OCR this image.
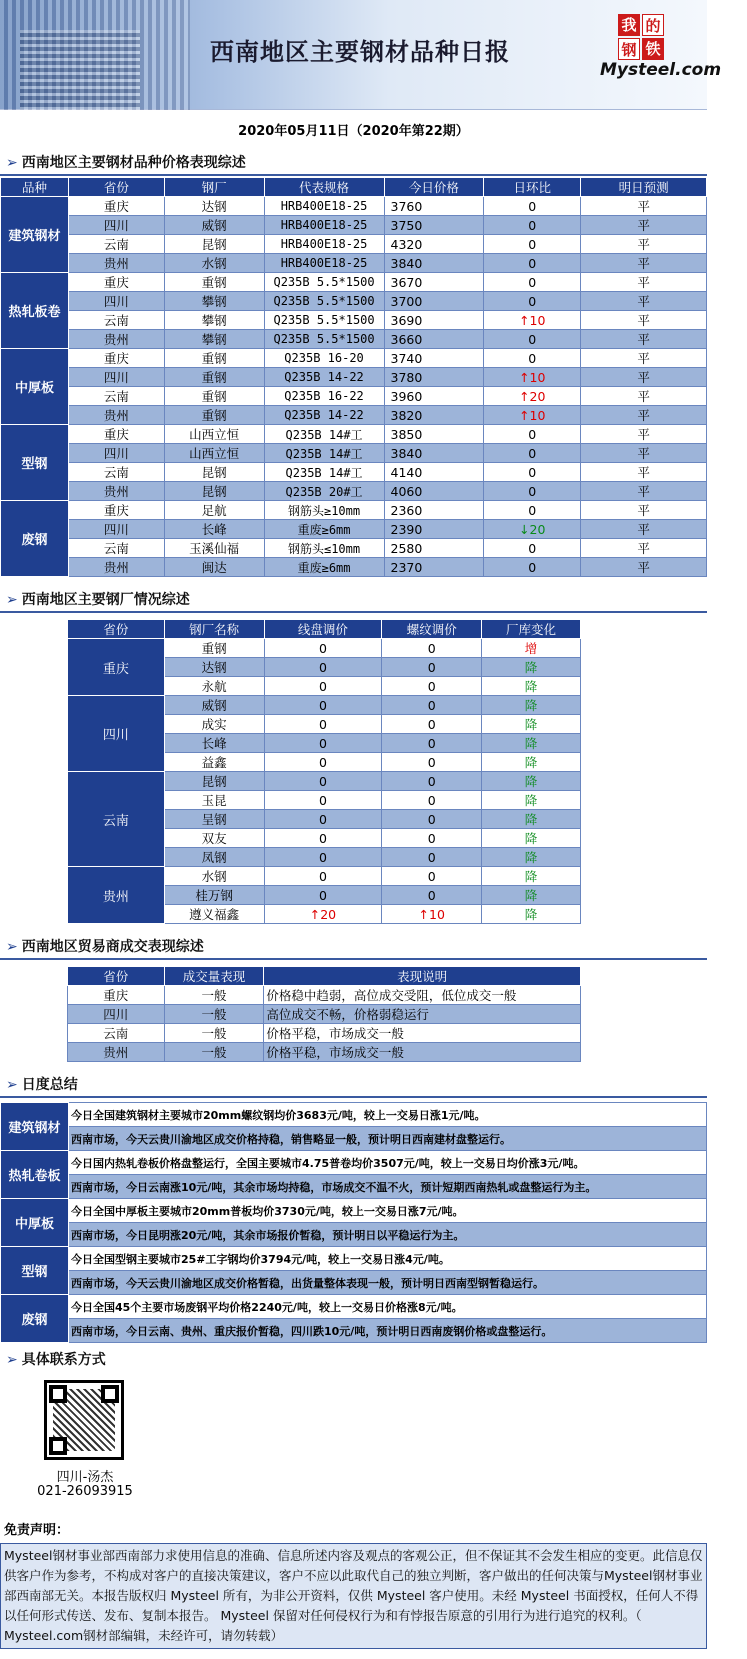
西南地区主要钢材品种日报
我 的
钢 铁
Mysteel.com
2020年05月11日（2020年第22期）
➢ 西南地区主要钢材品种价格表现综述
品种	省份	钢厂	代表规格	今日价格	日环比	明日预测
建筑钢材	重庆	达钢	HRB400E18-25	3760	0	平
	四川	威钢	HRB400E18-25	3750	0	平
	云南	昆钢	HRB400E18-25	4320	0	平
	贵州	水钢	HRB400E18-25	3840	0	平
热轧板卷	重庆	重钢	Q235B 5.5*1500	3670	0	平
	四川	攀钢	Q235B 5.5*1500	3700	0	平
	云南	攀钢	Q235B 5.5*1500	3690	↑10	平
	贵州	攀钢	Q235B 5.5*1500	3660	0	平
中厚板	重庆	重钢	Q235B 16-20	3740	0	平
	四川	重钢	Q235B 14-22	3780	↑10	平
	云南	重钢	Q235B 16-22	3960	↑20	平
	贵州	重钢	Q235B 14-22	3820	↑10	平
型钢	重庆	山西立恒	Q235B 14#工	3850	0	平
	四川	山西立恒	Q235B 14#工	3840	0	平
	云南	昆钢	Q235B 14#工	4140	0	平
	贵州	昆钢	Q235B 20#工	4060	0	平
废钢	重庆	足航	钢筋头≥10mm	2360	0	平
	四川	长峰	重废≥6mm	2390	↓20	平
	云南	玉溪仙福	钢筋头≤10mm	2580	0	平
	贵州	闽达	重废≥6mm	2370	0	平
➢ 西南地区主要钢厂情况综述
省份	钢厂名称	线盘调价	螺纹调价	厂库变化
重庆	重钢	0	0	增
	达钢	0	0	降
	永航	0	0	降
四川	威钢	0	0	降
	成实	0	0	降
	长峰	0	0	降
	益鑫	0	0	降
云南	昆钢	0	0	降
	玉昆	0	0	降
	呈钢	0	0	降
	双友	0	0	降
	凤钢	0	0	降
贵州	水钢	0	0	降
	桂万钢	0	0	降
	遵义福鑫	↑20	↑10	降
➢ 西南地区贸易商成交表现综述
省份	成交量表现	表现说明
重庆	一般	价格稳中趋弱，高位成交受阻，低位成交一般
四川	一般	高位成交不畅，价格弱稳运行
云南	一般	价格平稳，市场成交一般
贵州	一般	价格平稳，市场成交一般
➢ 日度总结
建筑钢材	今日全国建筑钢材主要城市20mm螺纹钢均价3683元/吨，较上一交易日涨1元/吨。
	西南市场，今天云贵川渝地区成交价格持稳，销售略显一般，预计明日西南建材盘整运行。
热轧卷板	今日国内热轧卷板价格盘整运行，全国主要城市4.75普卷均价3507元/吨，较上一交易日均价涨3元/吨。
	西南市场，今日云南涨10元/吨，其余市场均持稳，市场成交不温不火，预计短期西南热轧或盘整运行为主。
中厚板	今日全国中厚板主要城市20mm普板均价3730元/吨，较上一交易日涨7元/吨。
	西南市场，今日昆明涨20元/吨，其余市场报价暂稳，预计明日以平稳运行为主。
型钢	今日全国型钢主要城市25#工字钢均价3794元/吨，较上一交易日涨4元/吨。
	西南市场，今天云贵川渝地区成交价格暂稳，出货量整体表现一般，预计明日西南型钢暂稳运行。
废钢	今日全国45个主要市场废钢平均价格2240元/吨，较上一交易日价格涨8元/吨。
	西南市场，今日云南、贵州、重庆报价暂稳，四川跌10元/吨，预计明日西南废钢价格或盘整运行。
➢ 具体联系方式
四川-汤杰
021-26093915
免责声明：
Mysteel钢材事业部西南部力求使用信息的准确、信息所述内容及观点的客观公正，但不保证其不会发生相应的变更。此信息仅供客户作为参考，不构成对客户的直接决策建议，客户不应以此取代自己的独立判断，客户做出的任何决策与Mysteel钢材事业部西南部无关。本报告版权归 Mysteel 所有，为非公开资料，仅供 Mysteel 客户使用。未经 Mysteel 书面授权，任何人不得以任何形式传送、发布、复制本报告。 Mysteel 保留对任何侵权行为和有悖报告原意的引用行为进行追究的权利。（ Mysteel.com钢材部编辑，未经许可，请勿转载）
